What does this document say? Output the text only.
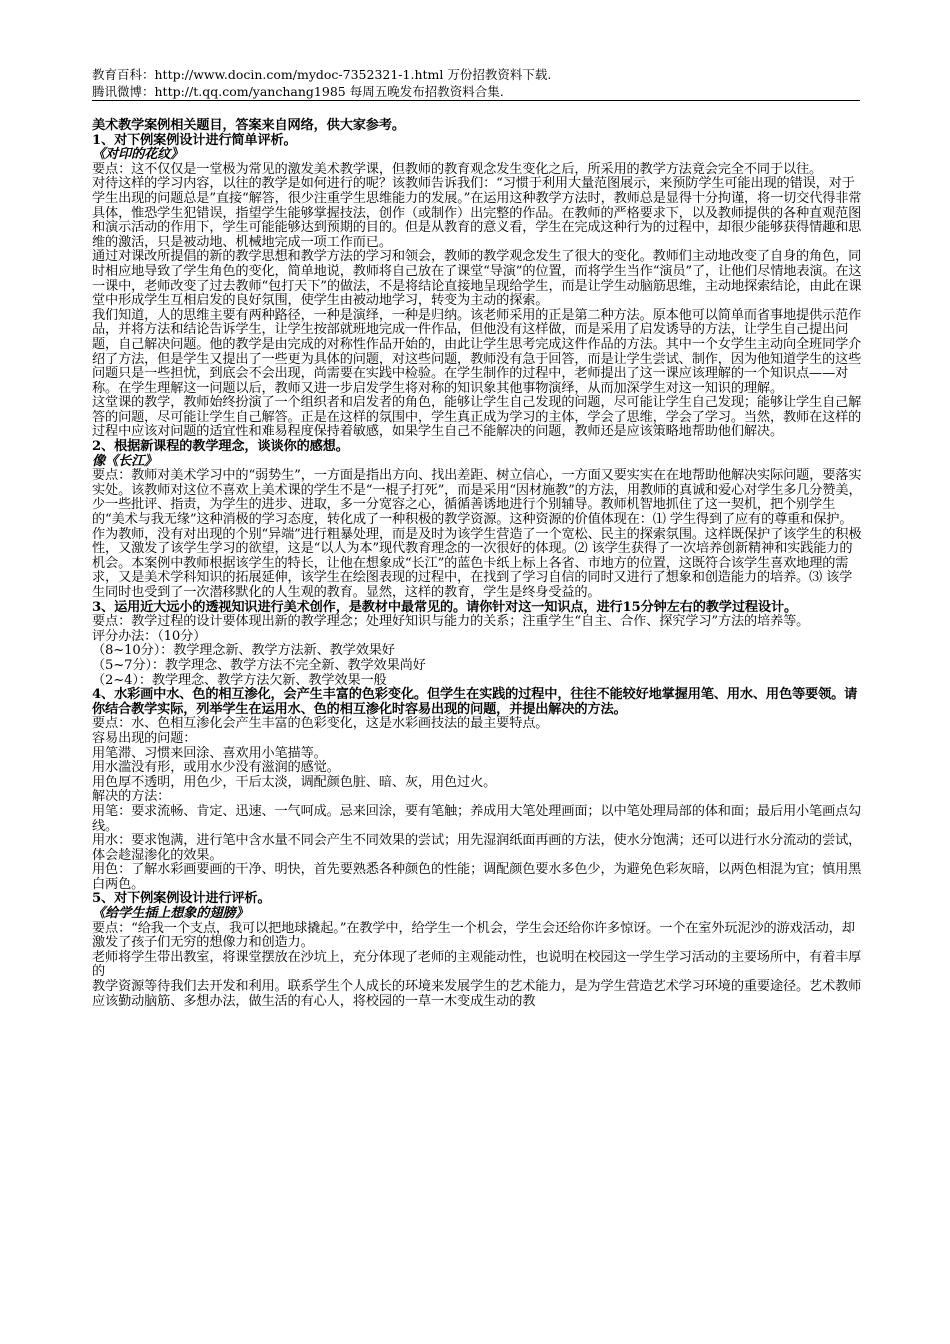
教育百科：http://www.docin.com/mydoc-7352321-1.html 万份招教资料下载.
腾讯微博：http://t.qq.com/yanchang1985 每周五晚发布招教资料合集.
美术教学案例相关题目，答案来自网络，供大家参考。
1、对下例案例设计进行简单评析。
《对印的花纹》
要点：这不仅仅是一堂极为常见的激发美术教学课，但教师的教育观念发生变化之后，所采用的教学方法竟会完全不同于以往。
对待这样的学习内容，以往的教学是如何进行的呢？该教师告诉我们：“习惯于利用大量范图展示，来预防学生可能出现的错误，对于学生出现的问题总是”直接“解答，很少注重学生思维能力的发展。”在运用这种教学方法时，教师总是显得十分拘谨，将一切交代得非常具体，惟恐学生犯错误，指望学生能够掌握技法，创作（或制作）出完整的作品。在教师的严格要求下，以及教师提供的各种直观范图和演示活动的作用下，学生可能能够达到预期的目的。但是从教育的意义看，学生在完成这种行为的过程中，却很少能够获得情趣和思维的激活，只是被动地、机械地完成一项工作而已。
通过对课改所提倡的新的教学思想和教学方法的学习和领会，教师的教学观念发生了很大的变化。教师们主动地改变了自身的角色，同时相应地导致了学生角色的变化，简单地说，教师将自己放在了课堂“导演”的位置，而将学生当作“演员”了，让他们尽情地表演。在这一课中，老师改变了过去教师“包打天下”的做法，不是将结论直接地呈现给学生，而是让学生动脑筋思维，主动地探索结论，由此在课堂中形成学生互相启发的良好氛围，使学生由被动地学习，转变为主动的探索。
我们知道，人的思维主要有两种路径，一种是演绎，一种是归纳。该老师采用的正是第二种方法。原本他可以简单而省事地提供示范作品，并将方法和结论告诉学生，让学生按部就班地完成一件作品，但他没有这样做，而是采用了启发诱导的方法，让学生自己提出问题，自己解决问题。他的教学是由完成的对称性作品开始的，由此让学生思考完成这件作品的方法。其中一个女学生主动向全班同学介绍了方法，但是学生又提出了一些更为具体的问题，对这些问题，教师没有急于回答，而是让学生尝试、制作，因为他知道学生的这些问题只是一些担忧，到底会不会出现，尚需要在实践中检验。在学生制作的过程中，老师提出了这一课应该理解的一个知识点——对称。在学生理解这一问题以后，教师又进一步启发学生将对称的知识象其他事物演绎，从而加深学生对这一知识的理解。
这堂课的教学，教师始终扮演了一个组织者和启发者的角色，能够让学生自己发现的问题，尽可能让学生自己发现；能够让学生自己解答的问题，尽可能让学生自己解答。正是在这样的氛围中，学生真正成为学习的主体，学会了思维，学会了学习。当然，教师在这样的过程中应该对问题的适宜性和难易程度保持着敏感，如果学生自己不能解决的问题，教师还是应该策略地帮助他们解决。
2、根据新课程的教学理念，谈谈你的感想。
像《长江》
要点：教师对美术学习中的“弱势生”，一方面是指出方向、找出差距、树立信心，一方面又要实实在在地帮助他解决实际问题，要落实实处。该教师对这位不喜欢上美术课的学生不是“一棍子打死”，而是采用“因材施教”的方法，用教师的真诚和爱心对学生多几分赞美，少一些批评、指责，为学生的进步、进取，多一分宽容之心，循循善诱地进行个别辅导。教师机智地抓住了这一契机，把个别学生的“美术与我无缘”这种消极的学习态度，转化成了一种积极的教学资源。这种资源的价值体现在：⑴ 学生得到了应有的尊重和保护。作为教师，没有对出现的个别“异端”进行粗暴处理，而是及时为该学生营造了一个宽松、民主的探索氛围。这样既保护了该学生的积极性，又激发了该学生学习的欲望，这是“以人为本”现代教育理念的一次很好的体现。⑵ 该学生获得了一次培养创新精神和实践能力的机会。本案例中教师根据该学生的特长，让他在想象成“长江”的蓝色卡纸上标上各省、市地方的位置，这既符合该学生喜欢地理的需求，又是美术学科知识的拓展延伸，该学生在绘图表现的过程中，在找到了学习自信的同时又进行了想象和创造能力的培养。⑶ 该学生同时也受到了一次潜移默化的人生观的教育。显然，这样的教育，学生是终身受益的。
3、运用近大远小的透视知识进行美术创作，是教材中最常见的。请你针对这一知识点，进行15分钟左右的教学过程设计。
要点：教学过程的设计要体现出新的教学理念；处理好知识与能力的关系；注重学生“自主、合作、探究学习”方法的培养等。
评分办法：（10分）
（8~10分）：教学理念新、教学方法新、教学效果好
（5~7分）：教学理念、教学方法不完全新、教学效果尚好
（2~4）：教学理念、教学方法欠新、教学效果一般
4、水彩画中水、色的相互渗化，会产生丰富的色彩变化。但学生在实践的过程中，往往不能较好地掌握用笔、用水、用色等要领。请你结合教学实际，列举学生在运用水、色的相互渗化时容易出现的问题，并提出解决的方法。
要点：水、色相互渗化会产生丰富的色彩变化，这是水彩画技法的最主要特点。
容易出现的问题：
用笔滞、习惯来回涂、喜欢用小笔描等。
用水滥没有形，或用水少没有滋润的感觉。
用色厚不透明，用色少，干后太淡，调配颜色脏、暗、灰，用色过火。
解决的方法：
用笔：要求流畅、肯定、迅速、一气呵成。忌来回涂，要有笔触；养成用大笔处理画面；以中笔处理局部的体和面；最后用小笔画点勾线。
用水：要求饱满，进行笔中含水量不同会产生不同效果的尝试；用先湿润纸面再画的方法，使水分饱满；还可以进行水分流动的尝试，体会趁湿渗化的效果。
用色：了解水彩画要画的干净、明快，首先要熟悉各种颜色的性能；调配颜色要水多色少，为避免色彩灰暗，以两色相混为宜；慎用黑白两色。
5、对下例案例设计进行评析。
《给学生插上想象的翅膀》
要点：“给我一个支点，我可以把地球撬起。”在教学中，给学生一个机会，学生会还给你许多惊讶。一个在室外玩泥沙的游戏活动，却激发了孩子们无穷的想像力和创造力。
老师将学生带出教室，将课堂摆放在沙坑上，充分体现了老师的主观能动性，也说明在校园这一学生学习活动的主要场所中，有着丰厚的
教学资源等待我们去开发和利用。联系学生个人成长的环境来发展学生的艺术能力，是为学生营造艺术学习环境的重要途径。艺术教师应该勤动脑筋、多想办法，做生活的有心人，将校园的一草一木变成生动的教
